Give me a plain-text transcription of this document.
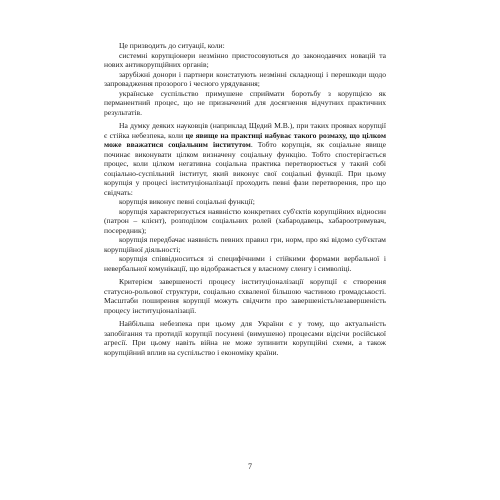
Це призводить до ситуації, коли:

системні корупціонери незмінно пристосовуються до законодавчих новацій та нових антикорупційних органів;

зарубіжні донори і партнери констатують незмінні складнощі і перешкоди щодо запровадження прозорого і чесного урядування;

українське суспільство примушене сприймати боротьбу з корупцією як перманентний процес, що не призначений для досягнення відчутних практичних результатів.

На думку деяких науковців (наприклад Щедий М.В.), при таких проявах корупції є стійка небезпека, коли це явище на практиці набуває такого розмаху, що цілком може вважатися соціальним інститутом. Тобто корупція, як соціальне явище починає виконувати цілком визначену соціальну функцію. Тобто спостерігається процес, коли цілком негативна соціальна практика перетворюється у такий собі соціально-суспільний інститут, який виконує свої соціальні функції. При цьому корупція у процесі інституціоналізації проходить певні фази перетворення, про що свідчать:

корупція виконує певні соціальні функції;

корупція характеризується наявністю конкретних суб'єктів корупційних відносин (патрон – клієнт), розподілом соціальних ролей (хабародавець, хабароотримувач, посередник);

корупція передбачає наявність певних правил гри, норм, про які відомо суб'єктам корупційної діяльності;

корупція співвідноситься зі специфічними і стійкими формами вербальної і невербальної комунікації, що відображається у власному сленгу і символіці.

Критерієм завершеності процесу інституціоналізації корупції є створення статусно-рольової структури, соціально схваленої більшою частиною громадськості. Масштаби поширення корупції можуть свідчити про завершеність/незавершеність процесу інституціоналізації.

Найбільша небезпека при цьому для України є у тому, що актуальність запобігання та протидії корупції посунені (вимушено) процесами відсічи російської агресії. При цьому навіть війна не може зупинити корупційні схеми, а також корупційний вплив на суспільство і економіку країни.

7
